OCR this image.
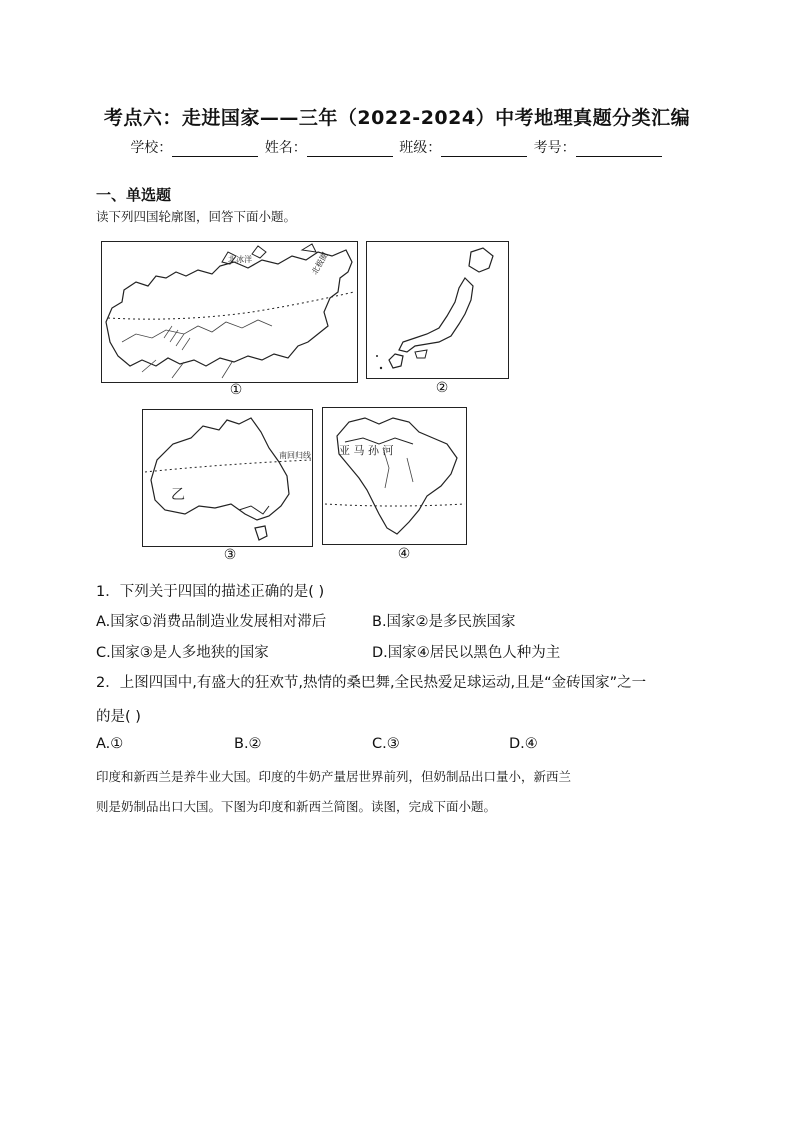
考点六：走进国家——三年（2022-2024）中考地理真题分类汇编
学校：	姓名：	班级：	考号：
一、单选题
读下列四国轮廓图，回答下面小题。
北冰洋	北极圈
①	②
南回归线
乙
③
亚 马 孙 河
④
1．下列关于四国的描述正确的是( )
A.国家①消费品制造业发展相对滞后	B.国家②是多民族国家
C.国家③是人多地狭的国家	D.国家④居民以黑色人种为主
2．上图四国中,有盛大的狂欢节,热情的桑巴舞,全民热爱足球运动,且是“金砖国家”之一
的是( )
A.①	B.②	C.③	D.④
印度和新西兰是养牛业大国。印度的牛奶产量居世界前列，但奶制品出口量小，新西兰
则是奶制品出口大国。下图为印度和新西兰简图。读图，完成下面小题。
